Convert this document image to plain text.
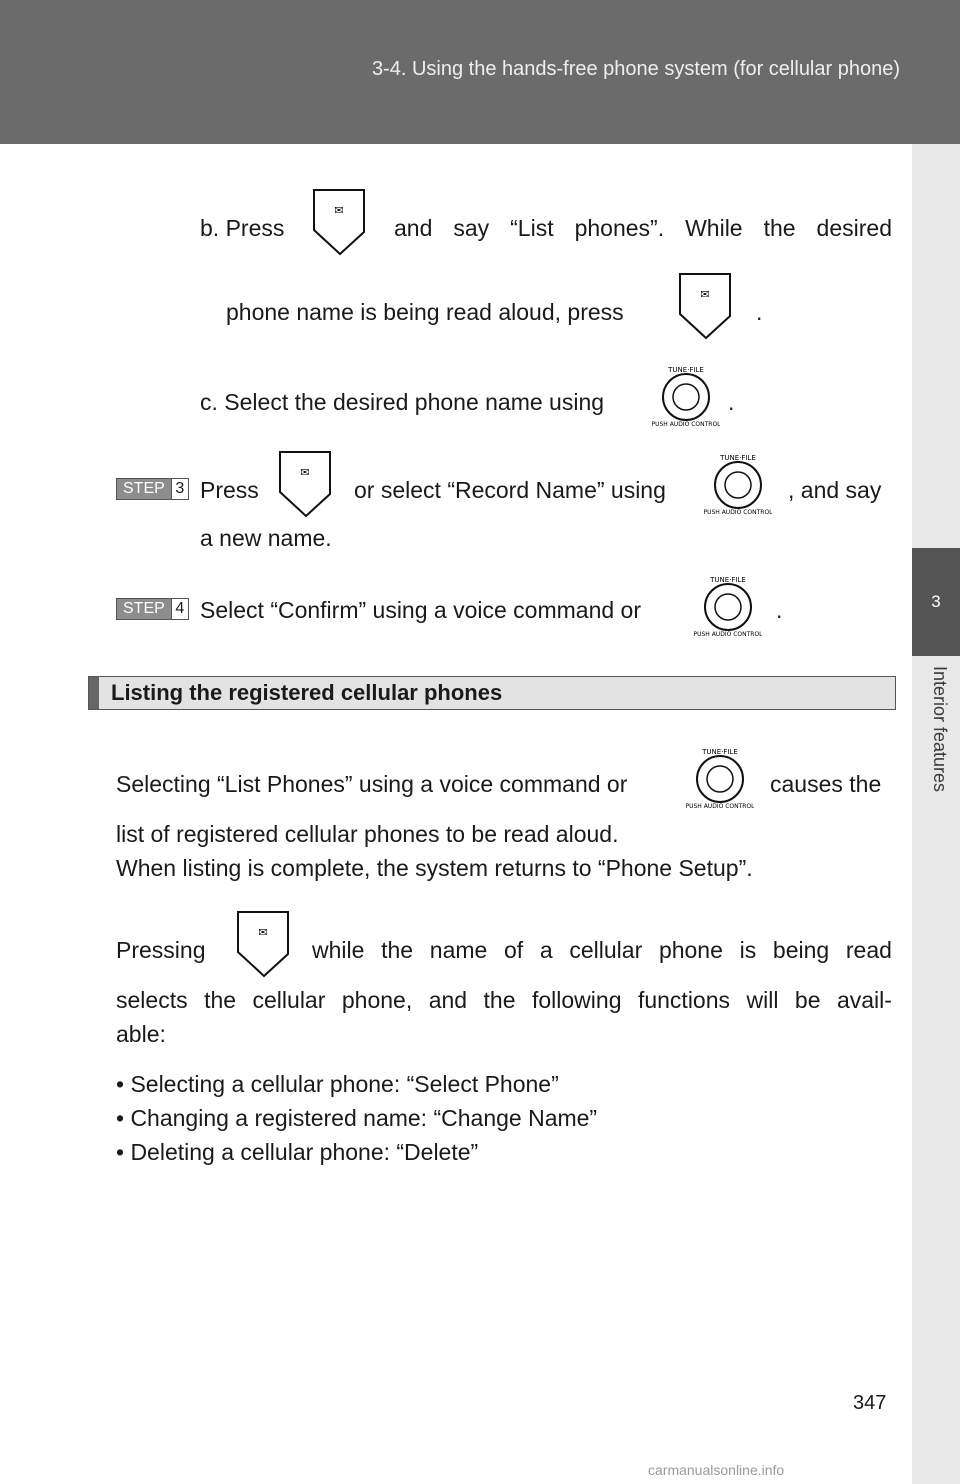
3-4. Using the hands-free phone system (for cellular phone)
3
Interior features
b. Press
✉
and say “List phones”. While the desired
phone name is being read aloud, press
✉
.
c. Select the desired phone name using
TUNE·FILE
PUSH AUDIO CONTROL
.
STEP 3 Press
✉
or select “Record Name” using
TUNE·FILE
PUSH AUDIO CONTROL
, and say
a new name.
STEP 4 Select “Confirm” using a voice command or
TUNE·FILE
PUSH AUDIO CONTROL
.
Listing the registered cellular phones
Selecting “List Phones” using a voice command or
TUNE·FILE
PUSH AUDIO CONTROL
causes the
list of registered cellular phones to be read aloud.
When listing is complete, the system returns to “Phone Setup”.
Pressing
✉
while the name of a cellular phone is being read
selects the cellular phone, and the following functions will be avail-
able:
• Selecting a cellular phone: “Select Phone”
• Changing a registered name: “Change Name”
• Deleting a cellular phone: “Delete”
347
carmanualsonline.info
